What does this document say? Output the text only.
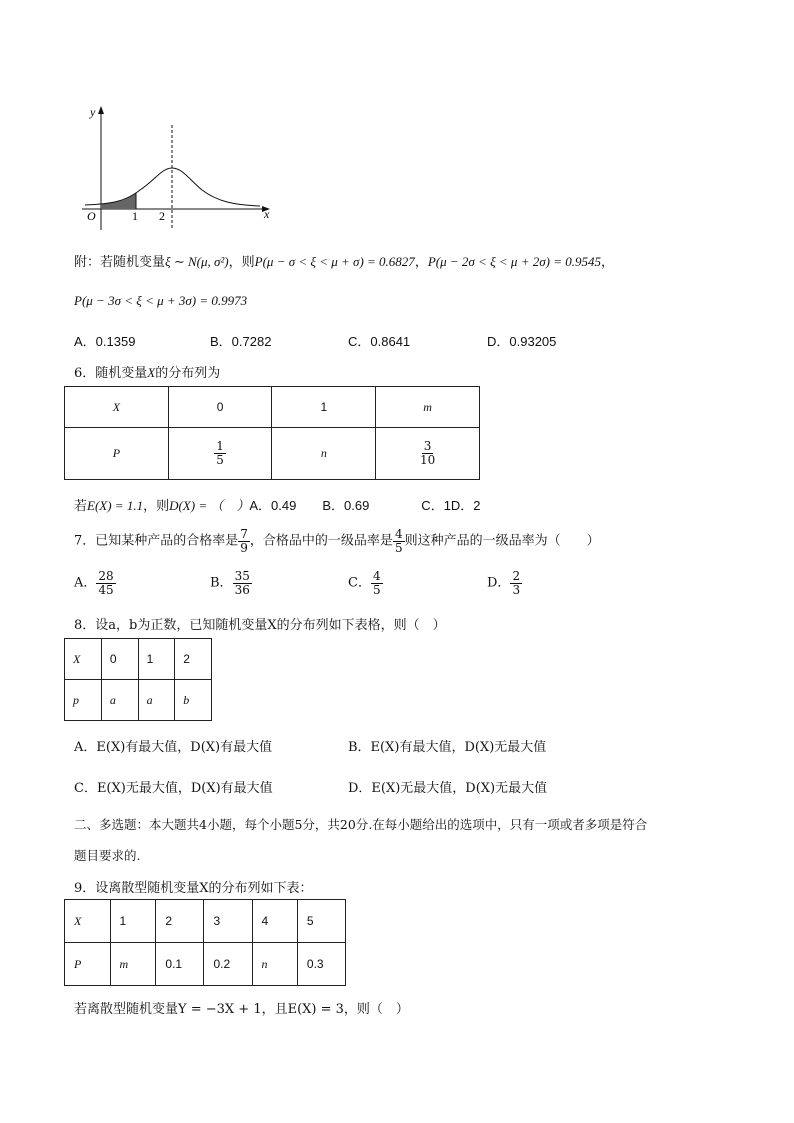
y
x
O	1 2
附：若随机变量ξ ∼ N(μ, σ²)，则P(μ − σ < ξ < μ + σ) = 0.6827，P(μ − 2σ < ξ < μ + 2σ) = 0.9545，
P(μ − 3σ < ξ < μ + 3σ) = 0.9973
A．0.1359	B．0.7282	C．0.8641	D．0.93205
6．随机变量X的分布列为
X	0	1	m
P	$\frac{1}{5}$	n	$\frac{3}{10}$
若E(X) = 1.1，则D(X) = （　）A．0.49　　B．0.69　　　　C．1D．2
7．已知某种产品的合格率是 $\frac{7}{9}$ ，合格品中的一级品率是 $\frac{4}{5}$ 则这种产品的一级品率为（　　）
A． $\frac{28}{45}$	B． $\frac{35}{36}$	C． $\frac{4}{5}$	D． $\frac{2}{3}$
8．设a，b为正数，已知随机变量X的分布列如下表格，则（　）
X	0	1	2
p	a	a	b
A．E(X)有最大值，D(X)有最大值	B．E(X)有最大值，D(X)无最大值
C．E(X)无最大值，D(X)有最大值	D．E(X)无最大值，D(X)无最大值
二、多选题：本大题共4小题，每个小题5分，共20分.在每小题给出的选项中，只有一项或者多项是符合
题目要求的.
9．设离散型随机变量X的分布列如下表：
X	1	2	3	4	5
P	m	0.1	0.2	n	0.3
若离散型随机变量Y = −3X + 1，且E(X) = 3，则（　）
